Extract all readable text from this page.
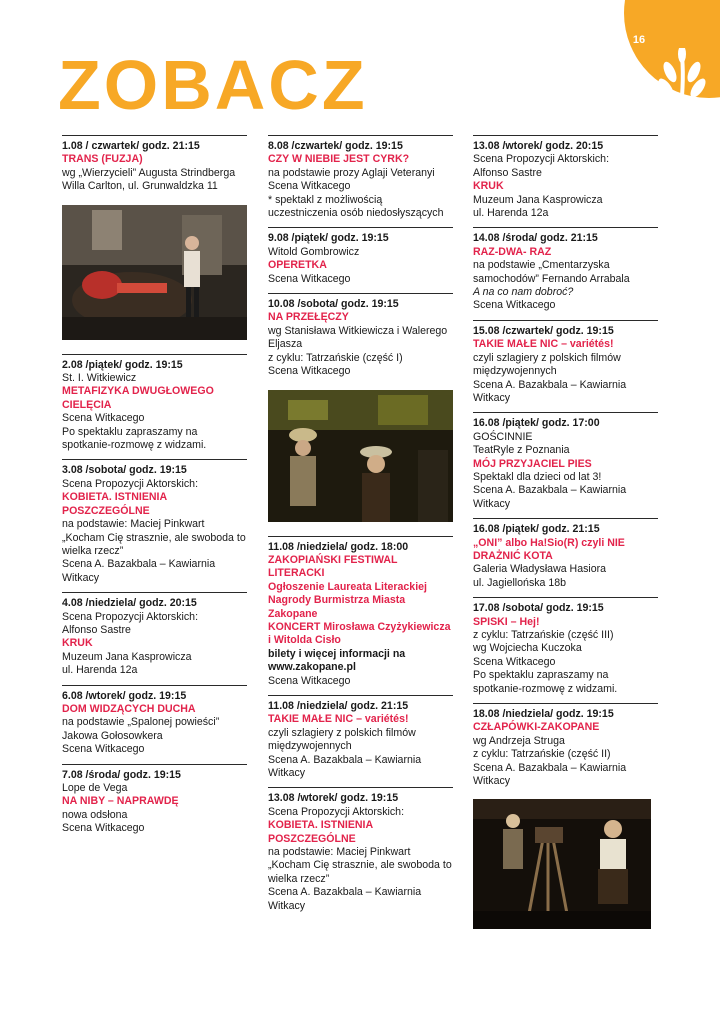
16
ZOBACZ
1.08 / czwartek/ godz. 21:15
TRANS (FUZJA)
wg „Wierzycieli” Augusta Strindberga
Willa Carlton, ul. Grunwaldzka 11
2.08 /piątek/ godz. 19:15
St. I. Witkiewicz
METAFIZYKA DWUGŁOWEGO CIELĘCIA
Scena Witkacego
Po spektaklu zapraszamy na spotkanie-rozmowę z widzami.
3.08 /sobota/ godz. 19:15
Scena Propozycji Aktorskich:
KOBIETA. ISTNIENIA POSZCZEGÓLNE
na podstawie: Maciej Pinkwart „Kocham Cię strasznie, ale swoboda to wielka rzecz”
Scena A. Bazakbala – Kawiarnia Witkacy
4.08 /niedziela/ godz. 20:15
Scena Propozycji Aktorskich:
Alfonso Sastre
KRUK
Muzeum Jana Kasprowicza
ul. Harenda 12a
6.08 /wtorek/ godz. 19:15
DOM WIDZĄCYCH DUCHA
na podstawie „Spalonej powieści” Jakowa Gołosowkera
Scena Witkacego
7.08 /środa/ godz. 19:15
Lope de Vega
NA NIBY – NAPRAWDĘ
nowa odsłona
Scena Witkacego
8.08 /czwartek/ godz. 19:15
CZY W NIEBIE JEST CYRK?
na podstawie prozy Aglaji Veteranyi
Scena Witkacego
* spektakl z możliwością uczestniczenia osób niedosłyszących
9.08 /piątek/ godz. 19:15
Witold Gombrowicz
OPERETKA
Scena Witkacego
10.08 /sobota/ godz. 19:15
NA PRZEŁĘCZY
wg Stanisława Witkiewicza i Walerego Eljasza
z cyklu: Tatrzańskie (część I)
Scena Witkacego
11.08 /niedziela/ godz. 18:00
ZAKOPIAŃSKI FESTIWAL LITERACKI
Ogłoszenie Laureata Literackiej Nagrody Burmistrza Miasta Zakopane
KONCERT Mirosława Czyżykiewicza i Witolda Cisło
bilety i więcej informacji na www.zakopane.pl
Scena Witkacego
11.08 /niedziela/ godz. 21:15
TAKIE MAŁE NIC – variétés!
czyli szlagiery z polskich filmów międzywojennych
Scena A. Bazakbala – Kawiarnia Witkacy
13.08 /wtorek/ godz. 19:15
Scena Propozycji Aktorskich:
KOBIETA. ISTNIENIA POSZCZEGÓLNE
na podstawie: Maciej Pinkwart „Kocham Cię strasznie, ale swoboda to wielka rzecz”
Scena A. Bazakbala – Kawiarnia Witkacy
13.08 /wtorek/ godz. 20:15
Scena Propozycji Aktorskich:
Alfonso Sastre
KRUK
Muzeum Jana Kasprowicza
ul. Harenda 12a
14.08 /środa/ godz. 21:15
RAZ-DWA- RAZ
na podstawie „Cmentarzyska samochodów” Fernando Arrabala
A na co nam dobroć?
Scena Witkacego
15.08 /czwartek/ godz. 19:15
TAKIE MAŁE NIC – variétés!
czyli szlagiery z polskich filmów międzywojennych
Scena A. Bazakbala – Kawiarnia Witkacy
16.08 /piątek/ godz. 17:00
GOŚCINNIE
TeatRyle z Poznania
MÓJ PRZYJACIEL PIES
Spektakl dla dzieci od lat 3!
Scena A. Bazakbala – Kawiarnia Witkacy
16.08 /piątek/ godz. 21:15
„ONI” albo Ha!Sio(R) czyli NIE DRAŻNIĆ KOTA
Galeria Władysława Hasiora
ul. Jagiellońska 18b
17.08 /sobota/ godz. 19:15
SPISKI – Hej!
z cyklu: Tatrzańskie (część III)
wg Wojciecha Kuczoka
Scena Witkacego
Po spektaklu zapraszamy na spotkanie-rozmowę z widzami.
18.08 /niedziela/ godz. 19:15
CZŁAPÓWKI-ZAKOPANE
wg Andrzeja Struga
z cyklu: Tatrzańskie (część II)
Scena A. Bazakbala – Kawiarnia Witkacy
